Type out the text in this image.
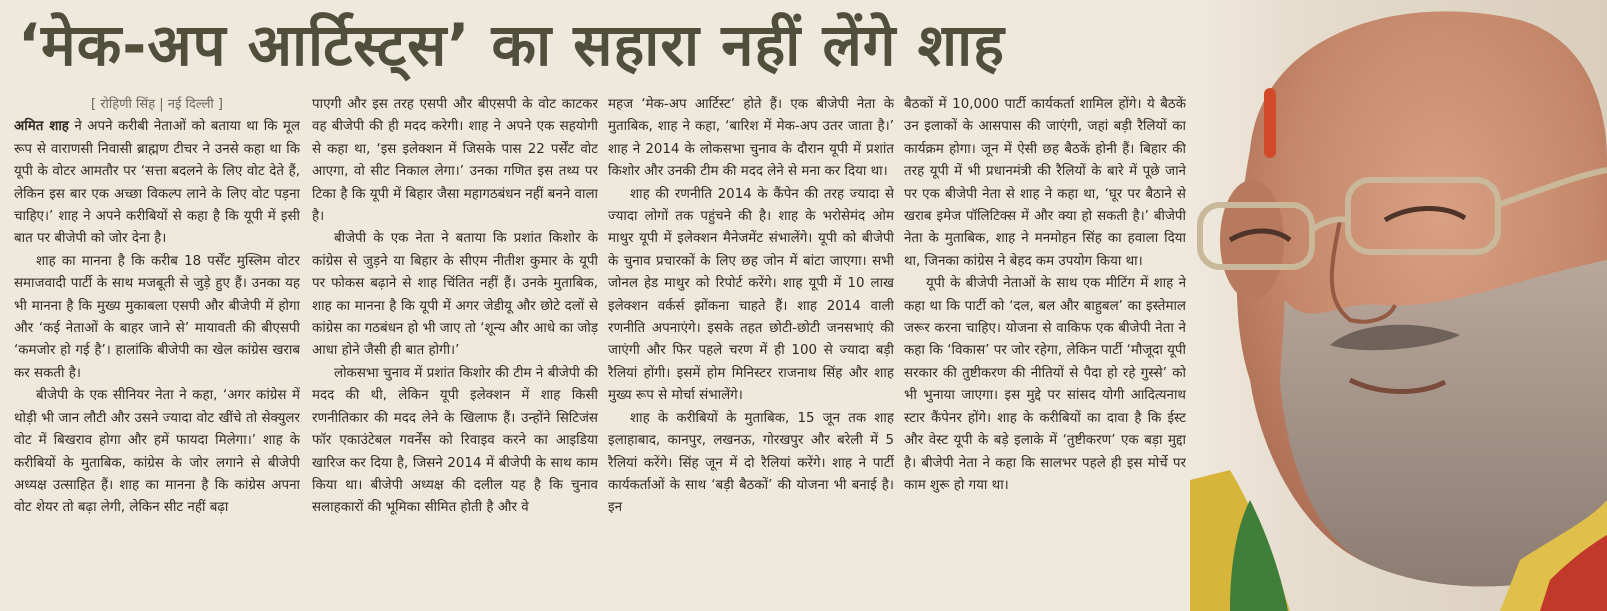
‘मेक-अप आर्टिस्ट्स’ का सहारा नहीं लेंगे शाह
[ रोहिणी सिंह | नई दिल्ली ]

अमित शाह ने अपने करीबी नेताओं को बताया था कि मूल रूप से वाराणसी निवासी ब्राह्मण टीचर ने उनसे कहा था कि यूपी के वोटर आमतौर पर ‘सत्ता बदलने के लिए वोट देते हैं, लेकिन इस बार एक अच्छा विकल्प लाने के लिए वोट पड़ना चाहिए।’ शाह ने अपने करीबियों से कहा है कि यूपी में इसी बात पर बीजेपी को जोर देना है।

शाह का मानना है कि करीब 18 पर्सेंट मुस्लिम वोटर समाजवादी पार्टी के साथ मजबूती से जुड़े हुए हैं। उनका यह भी मानना है कि मुख्य मुकाबला एसपी और बीजेपी में होगा और ‘कई नेताओं के बाहर जाने से’ मायावती की बीएसपी ‘कमजोर हो गई है’। हालांकि बीजेपी का खेल कांग्रेस खराब कर सकती है।

बीजेपी के एक सीनियर नेता ने कहा, ‘अगर कांग्रेस में थोड़ी भी जान लौटी और उसने ज्यादा वोट खींचे तो सेक्युलर वोट में बिखराव होगा और हमें फायदा मिलेगा।’ शाह के करीबियों के मुताबिक, कांग्रेस के जोर लगाने से बीजेपी अध्यक्ष उत्साहित हैं। शाह का मानना है कि कांग्रेस अपना वोट शेयर तो बढ़ा लेगी, लेकिन सीट नहीं बढ़ा

पाएगी और इस तरह एसपी और बीएसपी के वोट काटकर वह बीजेपी की ही मदद करेगी। शाह ने अपने एक सहयोगी से कहा था, ‘इस इलेक्शन में जिसके पास 22 पर्सेंट वोट आएगा, वो सीट निकाल लेगा।’ उनका गणित इस तथ्य पर टिका है कि यूपी में बिहार जैसा महागठबंधन नहीं बनने वाला है।

बीजेपी के एक नेता ने बताया कि प्रशांत किशोर के कांग्रेस से जुड़ने या बिहार के सीएम नीतीश कुमार के यूपी पर फोकस बढ़ाने से शाह चिंतित नहीं हैं। उनके मुताबिक, शाह का मानना है कि यूपी में अगर जेडीयू और छोटे दलों से कांग्रेस का गठबंधन हो भी जाए तो ‘शून्य और आधे का जोड़ आधा होने जैसी ही बात होगी।’

लोकसभा चुनाव में प्रशांत किशोर की टीम ने बीजेपी की मदद की थी, लेकिन यूपी इलेक्शन में शाह किसी रणनीतिकार की मदद लेने के खिलाफ हैं। उन्होंने सिटिजंस फॉर एकाउंटेबल गवर्नेंस को रिवाइव करने का आइडिया खारिज कर दिया है, जिसने 2014 में बीजेपी के साथ काम किया था। बीजेपी अध्यक्ष की दलील यह है कि चुनाव सलाहकारों की भूमिका सीमित होती है और वे

महज ‘मेक-अप आर्टिस्ट’ होते हैं। एक बीजेपी नेता के मुताबिक, शाह ने कहा, ‘बारिश में मेक-अप उतर जाता है।’ शाह ने 2014 के लोकसभा चुनाव के दौरान यूपी में प्रशांत किशोर और उनकी टीम की मदद लेने से मना कर दिया था।

शाह की रणनीति 2014 के कैंपेन की तरह ज्यादा से ज्यादा लोगों तक पहुंचने की है। शाह के भरोसेमंद ओम माथुर यूपी में इलेक्शन मैनेजमेंट संभालेंगे। यूपी को बीजेपी के चुनाव प्रचारकों के लिए छह जोन में बांटा जाएगा। सभी जोनल हेड माथुर को रिपोर्ट करेंगे। शाह यूपी में 10 लाख इलेक्शन वर्कर्स झोंकना चाहते हैं। शाह 2014 वाली रणनीति अपनाएंगे। इसके तहत छोटी-छोटी जनसभाएं की जाएंगी और फिर पहले चरण में ही 100 से ज्यादा बड़ी रैलियां होंगी। इसमें होम मिनिस्टर राजनाथ सिंह और शाह मुख्य रूप से मोर्चा संभालेंगे।

शाह के करीबियों के मुताबिक, 15 जून तक शाह इलाहाबाद, कानपुर, लखनऊ, गोरखपुर और बरेली में 5 रैलियां करेंगे। सिंह जून में दो रैलियां करेंगे। शाह ने पार्टी कार्यकर्ताओं के साथ ‘बड़ी बैठकों’ की योजना भी बनाई है। इन

बैठकों में 10,000 पार्टी कार्यकर्ता शामिल होंगे। ये बैठकें उन इलाकों के आसपास की जाएंगी, जहां बड़ी रैलियों का कार्यक्रम होगा। जून में ऐसी छह बैठकें होनी हैं। बिहार की तरह यूपी में भी प्रधानमंत्री की रैलियों के बारे में पूछे जाने पर एक बीजेपी नेता से शाह ने कहा था, ‘घूर पर बैठाने से खराब इमेज पॉलिटिक्स में और क्या हो सकती है।’ बीजेपी नेता के मुताबिक, शाह ने मनमोहन सिंह का हवाला दिया था, जिनका कांग्रेस ने बेहद कम उपयोग किया था।

यूपी के बीजेपी नेताओं के साथ एक मीटिंग में शाह ने कहा था कि पार्टी को ‘दल, बल और बाहुबल’ का इस्तेमाल जरूर करना चाहिए। योजना से वाकिफ एक बीजेपी नेता ने कहा कि ‘विकास’ पर जोर रहेगा, लेकिन पार्टी ‘मौजूदा यूपी सरकार की तुष्टीकरण की नीतियों से पैदा हो रहे गुस्से’ को भी भुनाया जाएगा। इस मुद्दे पर सांसद योगी आदित्यनाथ स्टार कैंपेनर होंगे। शाह के करीबियों का दावा है कि ईस्ट और वेस्ट यूपी के बड़े इलाके में ‘तुष्टीकरण’ एक बड़ा मुद्दा है। बीजेपी नेता ने कहा कि सालभर पहले ही इस मोर्चे पर काम शुरू हो गया था।
